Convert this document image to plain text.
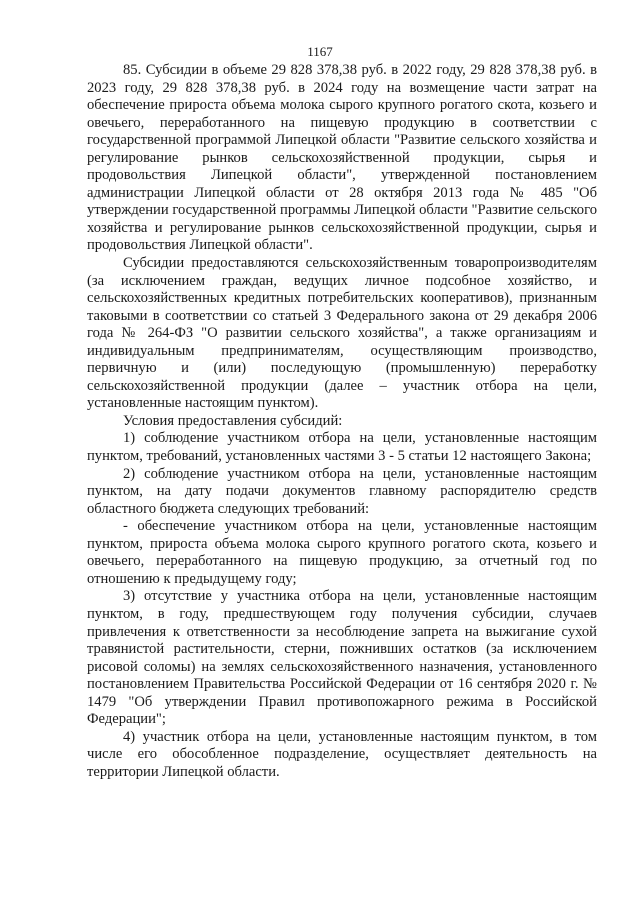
1167

85. Субсидии в объеме 29 828 378,38 руб. в 2022 году, 29 828 378,38 руб. в 2023 году, 29 828 378,38 руб. в 2024 году на возмещение части затрат на обеспечение прироста объема молока сырого крупного рогатого скота, козьего и овечьего, переработанного на пищевую продукцию в соответствии с государственной программой Липецкой области "Развитие сельского хозяйства и регулирование рынков сельскохозяйственной продукции, сырья и продовольствия Липецкой области", утвержденной постановлением администрации Липецкой области от 28 октября 2013 года № 485 "Об утверждении государственной программы Липецкой области "Развитие сельского хозяйства и регулирование рынков сельскохозяйственной продукции, сырья и продовольствия Липецкой области".

Субсидии предоставляются сельскохозяйственным товаропроизводителям (за исключением граждан, ведущих личное подсобное хозяйство, и сельскохозяйственных кредитных потребительских кооперативов), признанным таковыми в соответствии со статьей 3 Федерального закона от 29 декабря 2006 года № 264-ФЗ "О развитии сельского хозяйства", а также организациям и индивидуальным предпринимателям, осуществляющим производство, первичную и (или) последующую (промышленную) переработку сельскохозяйственной продукции (далее – участник отбора на цели, установленные настоящим пунктом).

Условия предоставления субсидий:

1) соблюдение участником отбора на цели, установленные настоящим пунктом, требований, установленных частями 3 - 5 статьи 12 настоящего Закона;

2) соблюдение участником отбора на цели, установленные настоящим пунктом, на дату подачи документов главному распорядителю средств областного бюджета следующих требований:

- обеспечение участником отбора на цели, установленные настоящим пунктом, прироста объема молока сырого крупного рогатого скота, козьего и овечьего, переработанного на пищевую продукцию, за отчетный год по отношению к предыдущему году;

3) отсутствие у участника отбора на цели, установленные настоящим пунктом, в году, предшествующем году получения субсидии, случаев привлечения к ответственности за несоблюдение запрета на выжигание сухой травянистой растительности, стерни, пожнивших остатков (за исключением рисовой соломы) на землях сельскохозяйственного назначения, установленного постановлением Правительства Российской Федерации от 16 сентября 2020 г. № 1479 "Об утверждении Правил противопожарного режима в Российской Федерации";

4) участник отбора на цели, установленные настоящим пунктом, в том числе его обособленное подразделение, осуществляет деятельность на территории Липецкой области.
